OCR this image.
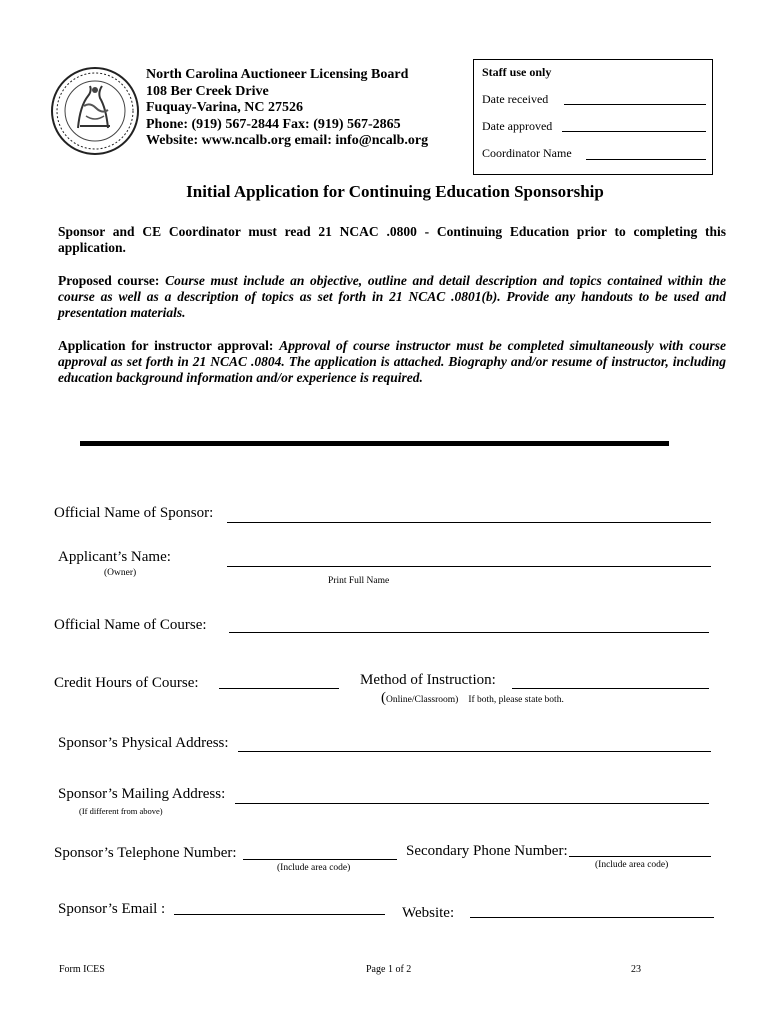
North Carolina Auctioneer Licensing Board
108 Ber Creek Drive
Fuquay-Varina, NC 27526
Phone: (919) 567-2844 Fax: (919) 567-2865
Website: www.ncalb.org email: info@ncalb.org
Staff use only
Date received
Date approved
Coordinator Name
Initial Application for Continuing Education Sponsorship
Sponsor and CE Coordinator must read 21 NCAC .0800 - Continuing Education prior to completing this application.
Proposed course: Course must include an objective, outline and detail description and topics contained within the course as well as a description of topics as set forth in 21 NCAC .0801(b). Provide any handouts to be used and presentation materials.
Application for instructor approval: Approval of course instructor must be completed simultaneously with course approval as set forth in 21 NCAC .0804. The application is attached. Biography and/or resume of instructor, including education background information and/or experience is required.
Official Name of Sponsor:
Applicant’s Name:
(Owner)
Print Full Name
Official Name of Course:
Credit Hours of Course:	Method of Instruction:
(Online/Classroom) If both, please state both.
Sponsor’s Physical Address:
Sponsor’s Mailing Address:
(If different from above)
Sponsor’s Telephone Number:
(Include area code)
Secondary Phone Number:
(Include area code)
Sponsor’s Email :	Website:
Form ICES	Page 1 of 2	23
